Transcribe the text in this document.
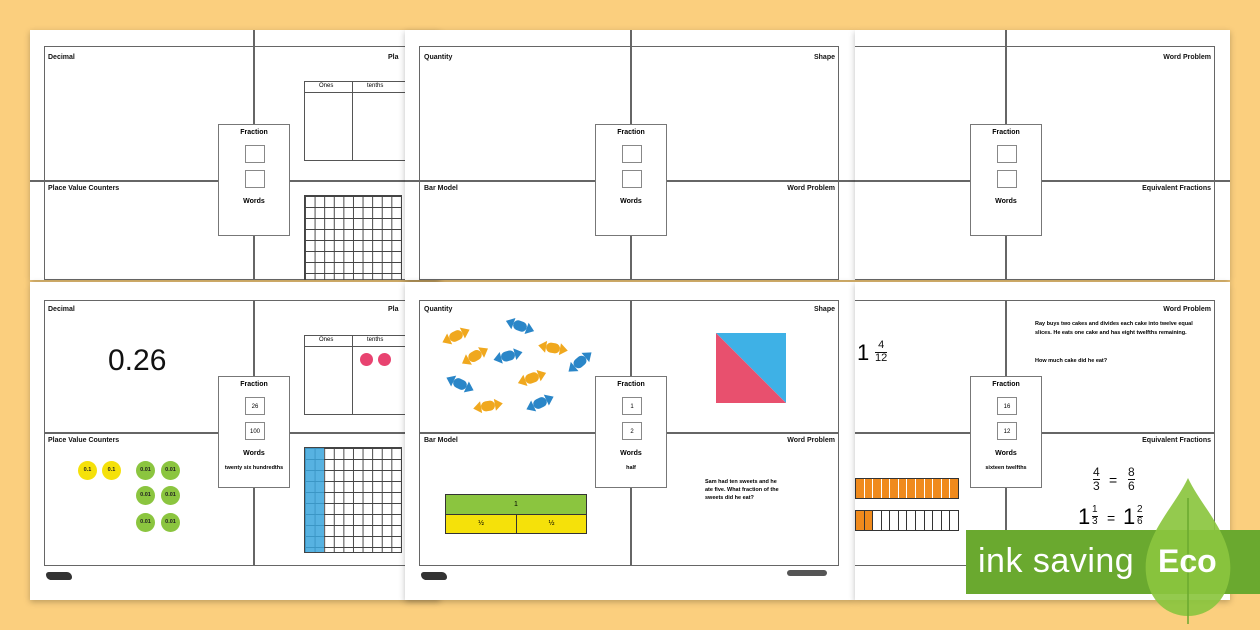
Decimal	Pla
Place Value Counters
Ones	tenths
Fraction
Words
Quantity	Shape
Bar Model	Word Problem
Fraction
Words
Word Problem
Equivalent Fractions
Fraction
Words
Decimal	Pla
0.26
Place Value Counters
Ones	tenths
Fraction
26
100
Words
twenty six hundredths
0.1	0.1	0.01	0.01
0.01	0.01
0.01	0.01
Quantity	Shape
Bar Model	Word Problem
1
½	½
Sam had ten sweets and he ate five. What fraction of the sweets did he eat?
Fraction
1
2
Words
half
Word Problem
Equivalent Fractions
$1 \frac{4}{12}$
Ray buys two cakes and divides each cake into twelve equal slices. He eats one cake and has eight twelfths remaining.
How much cake did he eat?
$\frac{4}{3} = \frac{8}{6}$
$1 \frac{1}{3} = 1 \frac{2}{6}$
Fraction
16
12
Words
sixteen twelfths
ink saving Eco
